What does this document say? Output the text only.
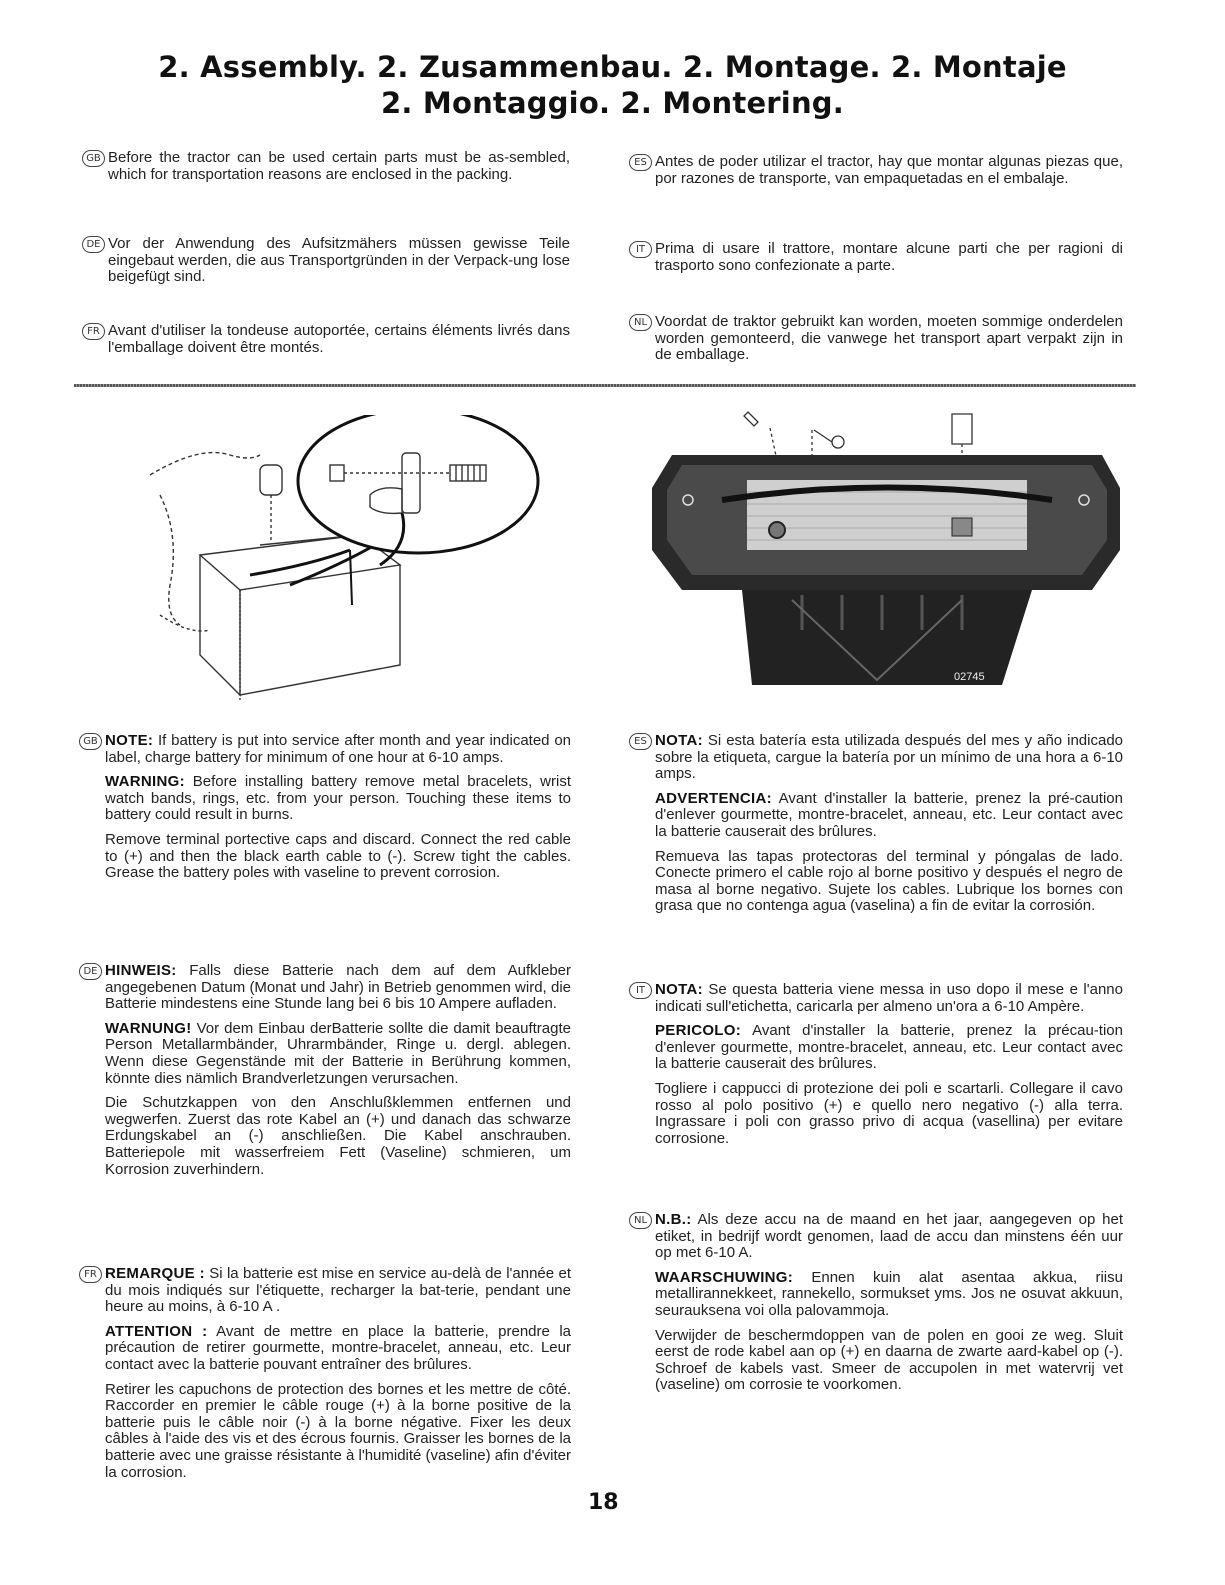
2. Assembly. 2. Zusammenbau. 2. Montage. 2. Montaje
2. Montaggio. 2. Montering.
GB Before the tractor can be used certain parts must be as-sembled, which for transportation reasons are enclosed in the packing.
DE Vor der Anwendung des Aufsitzmähers müssen gewisse Teile eingebaut werden, die aus Transportgründen in der Verpack-ung lose beigefügt sind.
FR Avant d'utiliser la tondeuse autoportée, certains éléments livrés dans l'emballage doivent être montés.
ES Antes de poder utilizar el tractor, hay que montar algunas piezas que, por razones de transporte, van empaquetadas en el embalaje.
IT Prima di usare il trattore, montare alcune parti che per ragioni di trasporto sono confezionate a parte.
NL Voordat de traktor gebruikt kan worden, moeten sommige onderdelen worden gemonteerd, die vanwege het transport apart verpakt zijn in de emballage.
02745
GB NOTE: If battery is put into service after month and year indicated on label, charge battery for minimum of one hour at 6-10 amps.

WARNING: Before installing battery remove metal bracelets, wrist watch bands, rings, etc. from your person. Touching these items to battery could result in burns.

Remove terminal portective caps and discard. Connect the red cable to (+) and then the black earth cable to (-). Screw tight the cables. Grease the battery poles with vaseline to prevent corrosion.

DE HINWEIS: Falls diese Batterie nach dem auf dem Aufkleber angegebenen Datum (Monat und Jahr) in Betrieb genommen wird, die Batterie mindestens eine Stunde lang bei 6 bis 10 Ampere aufladen.

WARNUNG! Vor dem Einbau derBatterie sollte die damit beauftragte Person Metallarmbänder, Uhrarmbänder, Ringe u. dergl. ablegen. Wenn diese Gegenstände mit der Batterie in Berührung kommen, könnte dies nämlich Brandverletzungen verursachen.

Die Schutzkappen von den Anschlußklemmen entfernen und wegwerfen. Zuerst das rote Kabel an (+) und danach das schwarze Erdungskabel an (-) anschließen. Die Kabel anschrauben. Batteriepole mit wasserfreiem Fett (Vaseline) schmieren, um Korrosion zuverhindern.

FR REMARQUE : Si la batterie est mise en service au-delà de l'année et du mois indiqués sur l'étiquette, recharger la bat-terie, pendant une heure au moins, à 6-10 A .

ATTENTION : Avant de mettre en place la batterie, prendre la précaution de retirer gourmette, montre-bracelet, anneau, etc. Leur contact avec la batterie pouvant entraîner des brûlures.

Retirer les capuchons de protection des bornes et les mettre de côté. Raccorder en premier le câble rouge (+) à la borne positive de la batterie puis le câble noir (-) à la borne négative. Fixer les deux câbles à l'aide des vis et des écrous fournis. Graisser les bornes de la batterie avec une graisse résistante à l'humidité (vaseline) afin d'éviter la corrosion.

ES NOTA: Si esta batería esta utilizada después del mes y año indicado sobre la etiqueta, cargue la batería por un mínimo de una hora a 6-10 amps.

ADVERTENCIA: Avant d'installer la batterie, prenez la pré-caution d'enlever gourmette, montre-bracelet, anneau, etc. Leur contact avec la batterie causerait des brûlures.

Remueva las tapas protectoras del terminal y póngalas de lado. Conecte primero el cable rojo al borne positivo y después el negro de masa al borne negativo. Sujete los cables. Lubrique los bornes con grasa que no contenga agua (vaselina) a fin de evitar la corrosión.

IT NOTA: Se questa batteria viene messa in uso dopo il mese e l'anno indicati sull'etichetta, caricarla per almeno un'ora a 6-10 Ampère.

PERICOLO: Avant d'installer la batterie, prenez la précau-tion d'enlever gourmette, montre-bracelet, anneau, etc. Leur contact avec la batterie causerait des brûlures.

Togliere i cappucci di protezione dei poli e scartarli. Collegare il cavo rosso al polo positivo (+) e quello nero negativo (-) alla terra. Ingrassare i poli con grasso privo di acqua (vasellina) per evitare corrosione.

NL N.B.: Als deze accu na de maand en het jaar, aangegeven op het etiket, in bedrijf wordt genomen, laad de accu dan minstens één uur op met 6-10 A.

WAARSCHUWING: Ennen kuin alat asentaa akkua, riisu metallirannekkeet, rannekello, sormukset yms. Jos ne osuvat akkuun, seurauksena voi olla palovammoja.

Verwijder de beschermdoppen van de polen en gooi ze weg. Sluit eerst de rode kabel aan op (+) en daarna de zwarte aard-kabel op (-). Schroef de kabels vast. Smeer de accupolen in met watervrij vet (vaseline) om corrosie te voorkomen.

18
